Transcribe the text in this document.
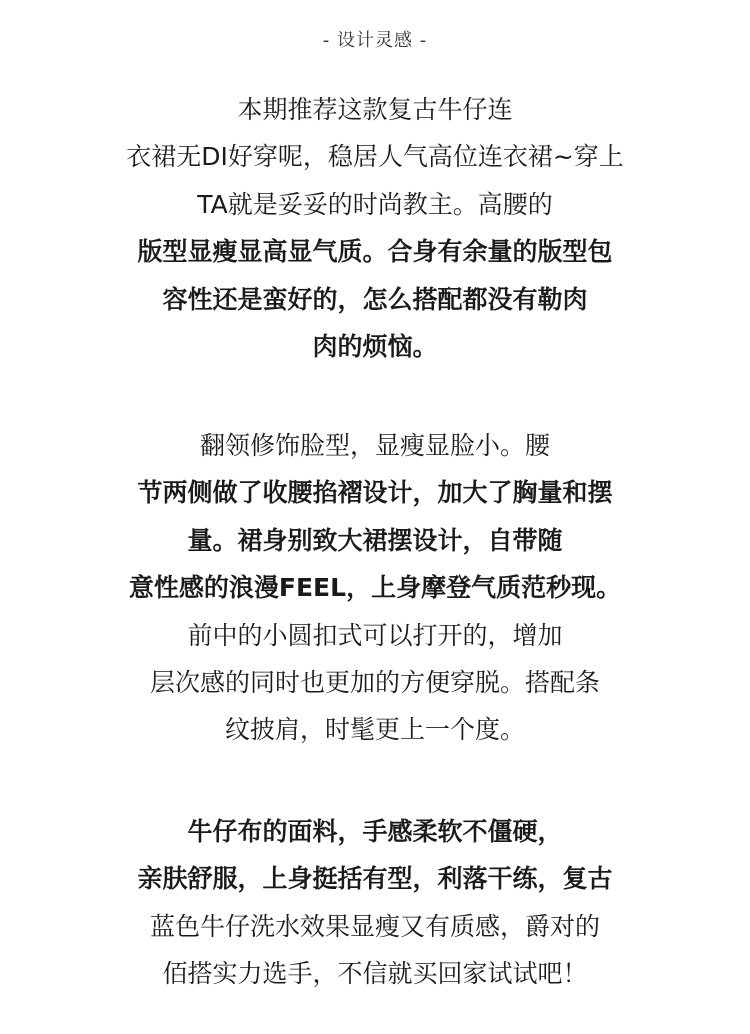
- 设计灵感 -
本期推荐这款复古牛仔连
衣裙无DI好穿呢，稳居人气高位连衣裙~穿上
TA就是妥妥的时尚教主。高腰的
版型显瘦显高显气质。合身有余量的版型包
容性还是蛮好的，怎么搭配都没有勒肉
肉的烦恼。
翻领修饰脸型，显瘦显脸小。腰
节两侧做了收腰掐褶设计，加大了胸量和摆
量。裙身别致大裙摆设计，自带随
意性感的浪漫FEEL，上身摩登气质范秒现。
前中的小圆扣式可以打开的，增加
层次感的同时也更加的方便穿脱。搭配条
纹披肩，时髦更上一个度。
牛仔布的面料，手感柔软不僵硬，
亲肤舒服，上身挺括有型，利落干练，复古
蓝色牛仔洗水效果显瘦又有质感，爵对的
佰搭实力选手，不信就买回家试试吧！
